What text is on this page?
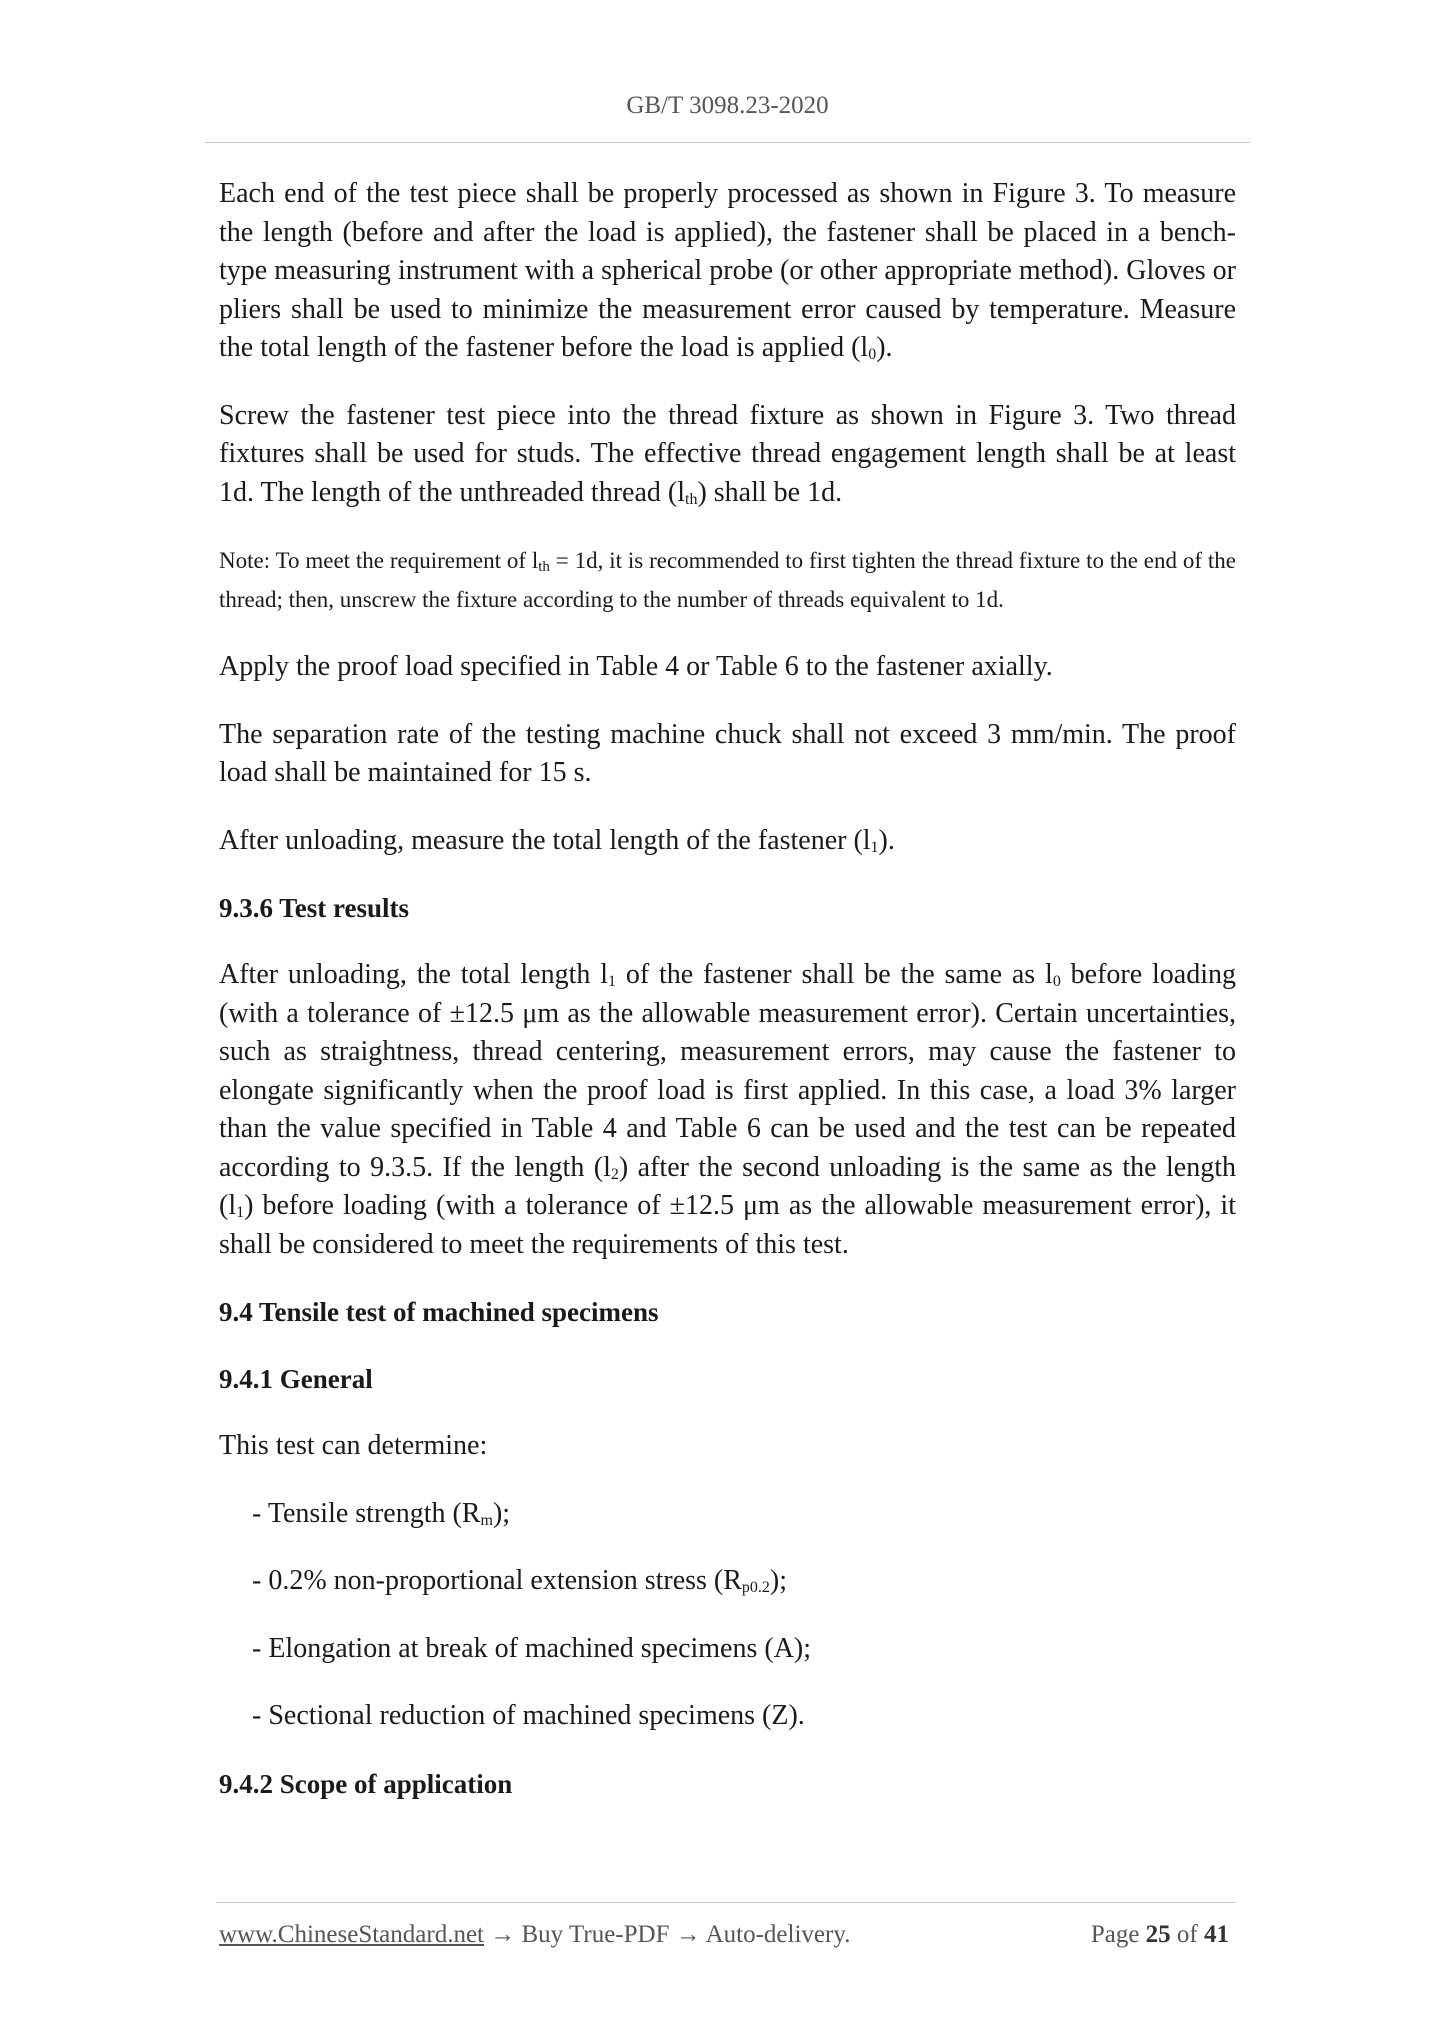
GB/T 3098.23-2020

Each end of the test piece shall be properly processed as shown in Figure 3. To measure the length (before and after the load is applied), the fastener shall be placed in a bench-type measuring instrument with a spherical probe (or other appropriate method). Gloves or pliers shall be used to minimize the measurement error caused by temperature. Measure the total length of the fastener before the load is applied $(l_0)$.

Screw the fastener test piece into the thread fixture as shown in Figure 3. Two thread fixtures shall be used for studs. The effective thread engagement length shall be at least 1d. The length of the unthreaded thread $(l_{th})$ shall be 1d.

Note: To meet the requirement of $l_{th} = 1d$, it is recommended to first tighten the thread fixture to the end of the thread; then, unscrew the fixture according to the number of threads equivalent to 1d.

Apply the proof load specified in Table 4 or Table 6 to the fastener axially.

The separation rate of the testing machine chuck shall not exceed 3 mm/min. The proof load shall be maintained for 15 s.

After unloading, measure the total length of the fastener $(l_1)$.

9.3.6 Test results

After unloading, the total length $l_1$ of the fastener shall be the same as $l_0$ before loading (with a tolerance of ±12.5 μm as the allowable measurement error). Certain uncertainties, such as straightness, thread centering, measurement errors, may cause the fastener to elongate significantly when the proof load is first applied. In this case, a load 3% larger than the value specified in Table 4 and Table 6 can be used and the test can be repeated according to 9.3.5. If the length $(l_2)$ after the second unloading is the same as the length $(l_1)$ before loading (with a tolerance of ±12.5 μm as the allowable measurement error), it shall be considered to meet the requirements of this test.

9.4 Tensile test of machined specimens
9.4.1 General

This test can determine:

- Tensile strength $(R_m)$;

- 0.2% non-proportional extension stress $(R_{p0.2})$;

- Elongation at break of machined specimens (A);

- Sectional reduction of machined specimens (Z).

9.4.2 Scope of application
www.ChineseStandard.net → Buy True-PDF → Auto-delivery.	Page 25 of 41
